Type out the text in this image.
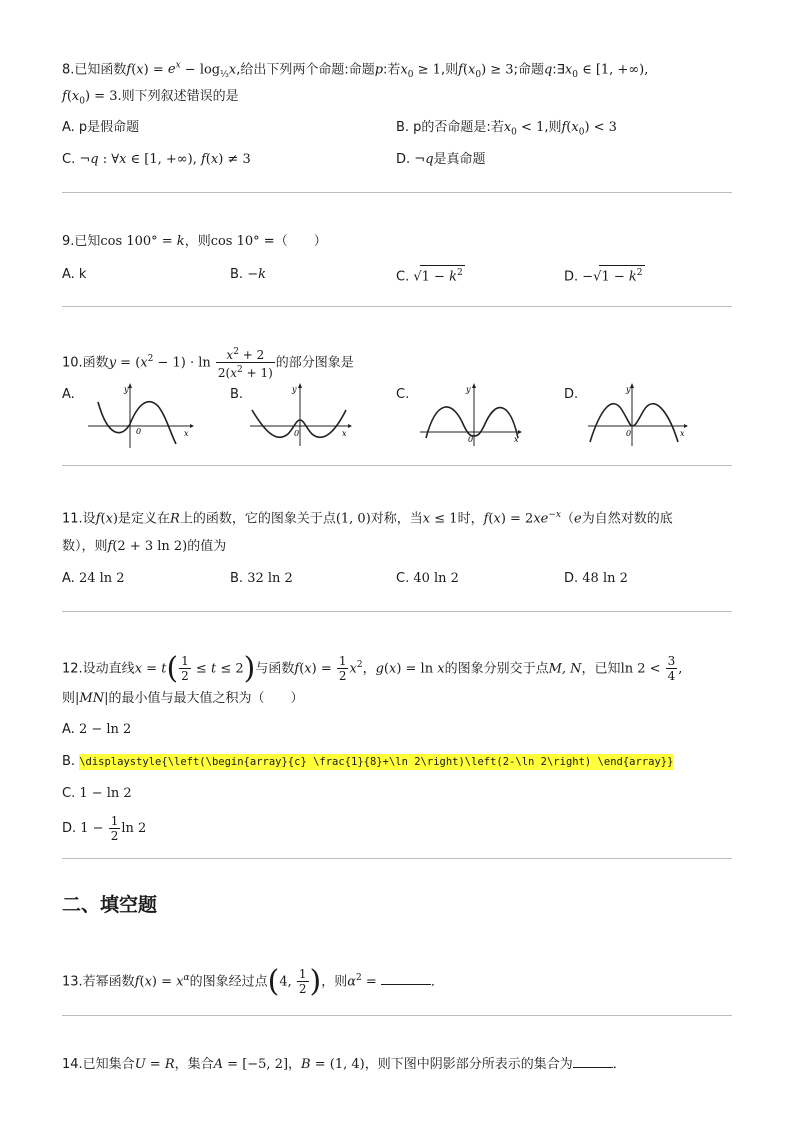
8.已知函数$f(x) = e^x - \log_{\frac{1}{3}}x$,给出下列两个命题:命题p:若$x_0 \ge 1$,则$f(x_0) \ge 3$;命题$q:\exists x_0$ ∈ [1, +∞),
$f(x_0) = 3$.则下列叙述错误的是
A. p是假命题	B. p的否命题是:若$x_0 < 1$,则$f(x_0) < 3$
C. ¬q : ∀x ∈ [1, +∞), f(x) ≠ 3	D. ¬q是真命题
9.已知cos 100° = k，则cos 10° =（　　）
A. k	B. −k	C. $√1 - k^2$	D. $-√1 - k^2$
10.函数$y = (x^2 - 1) \cdot \ln \frac{x^2 + 2}{2(x^2 + 1)}$ 的部分图象是
A.	B.	C.	D.
y
x
0
y
x
0
y
x
0
y
x
0
11.设f(x)是定义在R上的函数，它的图象关于点(1, 0)对称，当x ≤ 1时，$f(x) = 2xe^{-x}(e$为自然对数的底
数），则f(2 + 3 ln 2)的值为
A. 24 ln 2	B. 32 ln 2	C. 40 ln 2	D. 48 ln 2
12.设动直线$x = t( \frac{1}{2} \le t \le 2)$与函数$f(x) = \frac{1}{2} x^2$，g(x) = ln x的图象分别交于点M, N，已知$\ln 2 < \frac{3}{4}$ ,
则|MN|的最小值与最大值之积为（　　）
A. 2 − ln 2
B. \displaystyle{\left(\begin{array}{c} \frac{1}{8}+\ln 2\right)\left(2-\ln 2\right) \end{array}}
C. 1 − ln 2
D. $1 - \frac{1}{2}$ ln 2
二、填空题
13.若幂函数$f(x) = x^\alpha$的图象经过点(4, $\frac{1}{2}$ )，则$\alpha^2$ =	．
14.已知集合U = R，集合A = [−5, 2]，B = (1, 4)，则下图中阴影部分所表示的集合为	．
